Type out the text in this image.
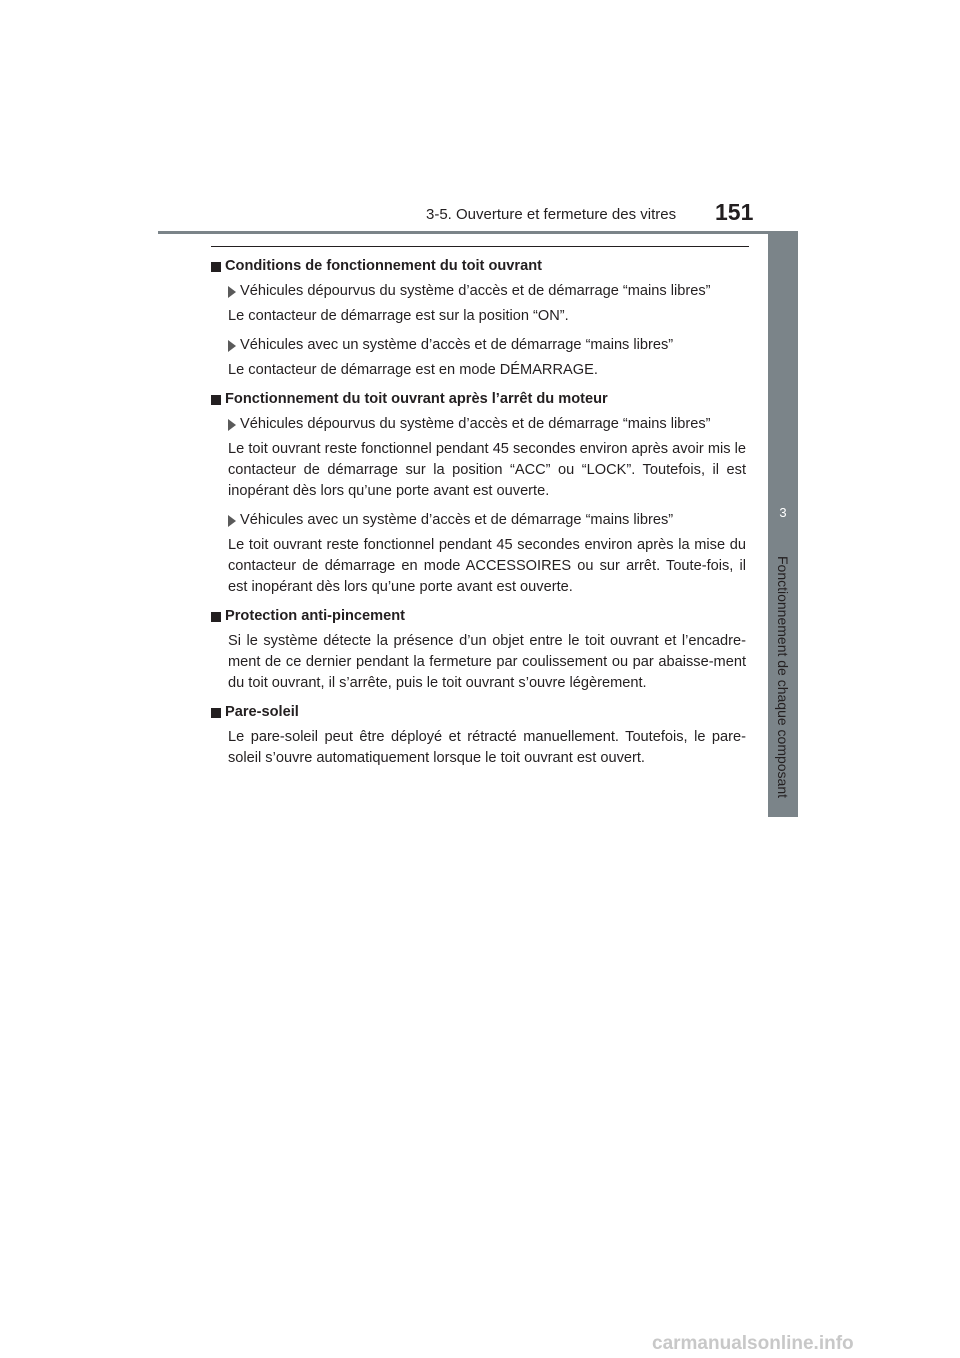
3-5. Ouverture et fermeture des vitres 151
3
Fonctionnement de chaque composant
Conditions de fonctionnement du toit ouvrant
Véhicules dépourvus du système d’accès et de démarrage “mains libres”
Le contacteur de démarrage est sur la position “ON”.
Véhicules avec un système d’accès et de démarrage “mains libres”
Le contacteur de démarrage est en mode DÉMARRAGE.
Fonctionnement du toit ouvrant après l’arrêt du moteur
Véhicules dépourvus du système d’accès et de démarrage “mains libres”
Le toit ouvrant reste fonctionnel pendant 45 secondes environ après avoir mis le contacteur de démarrage sur la position “ACC” ou “LOCK”. Toutefois, il est inopérant dès lors qu’une porte avant est ouverte.
Véhicules avec un système d’accès et de démarrage “mains libres”
Le toit ouvrant reste fonctionnel pendant 45 secondes environ après la mise du contacteur de démarrage en mode ACCESSOIRES ou sur arrêt. Toute-fois, il est inopérant dès lors qu’une porte avant est ouverte.
Protection anti-pincement
Si le système détecte la présence d’un objet entre le toit ouvrant et l’encadre-ment de ce dernier pendant la fermeture par coulissement ou par abaisse-ment du toit ouvrant, il s’arrête, puis le toit ouvrant s’ouvre légèrement.
Pare-soleil
Le pare-soleil peut être déployé et rétracté manuellement. Toutefois, le pare-soleil s’ouvre automatiquement lorsque le toit ouvrant est ouvert.
carmanualsonline.info
